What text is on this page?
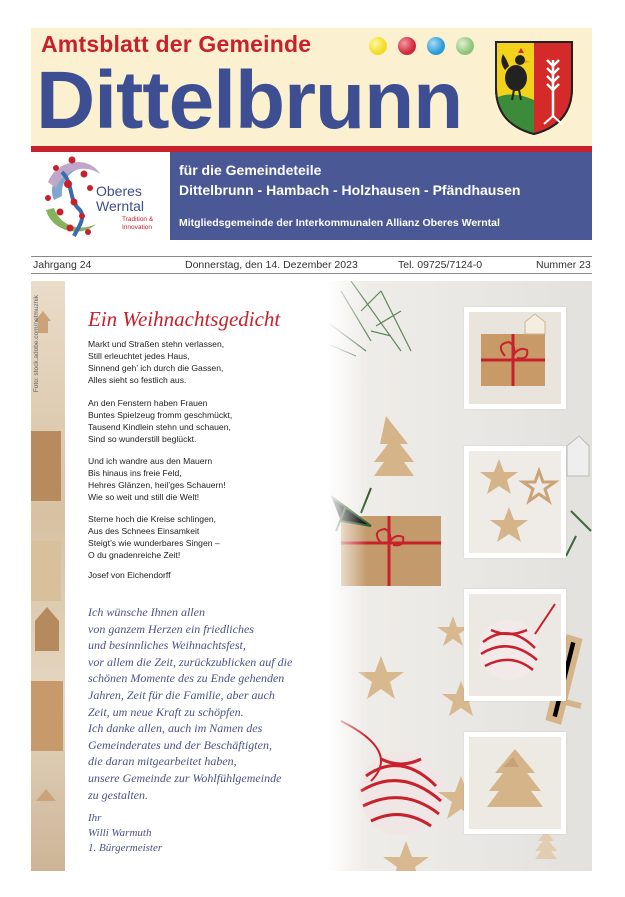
Amtsblatt der Gemeinde
Dittelbrunn
Oberes
Werntal
Tradition &
Innovation
für die Gemeindeteile
Dittelbrunn - Hambach - Holzhausen - Pfändhausen
Mitgliedsgemeinde der Interkommunalen Allianz Oberes Werntal
Jahrgang 24	Donnerstag, den 14. Dezember 2023	Tel. 09725/7124-0	Nummer 23
Foto: stock.adobe.com/netmuzhik Ein Weihnachtsgedicht
Markt und Straßen stehn verlassen,
Still erleuchtet jedes Haus,
Sinnend geh’ ich durch die Gassen,
Alles sieht so festlich aus.
An den Fenstern haben Frauen
Buntes Spielzeug fromm geschmückt,
Tausend Kindlein stehn und schauen,
Sind so wunderstill beglückt.
Und ich wandre aus den Mauern
Bis hinaus ins freie Feld,
Hehres Glänzen, heil’ges Schauern!
Wie so weit und still die Welt!
Sterne hoch die Kreise schlingen,
Aus des Schnees Einsamkeit
Steigt’s wie wunderbares Singen –
O du gnadenreiche Zeit!
Josef von Eichendorff
Ich wünsche Ihnen allen
von ganzem Herzen ein friedliches
und besinnliches Weihnachtsfest,
vor allem die Zeit, zurückzublicken auf die
schönen Momente des zu Ende gehenden
Jahren, Zeit für die Familie, aber auch
Zeit, um neue Kraft zu schöpfen.
Ich danke allen, auch im Namen des
Gemeinderates und der Beschäftigten,
die daran mitgearbeitet haben,
unsere Gemeinde zur Wohlfühlgemeinde
zu gestalten.
Ihr
Willi Warmuth
1. Bürgermeister
